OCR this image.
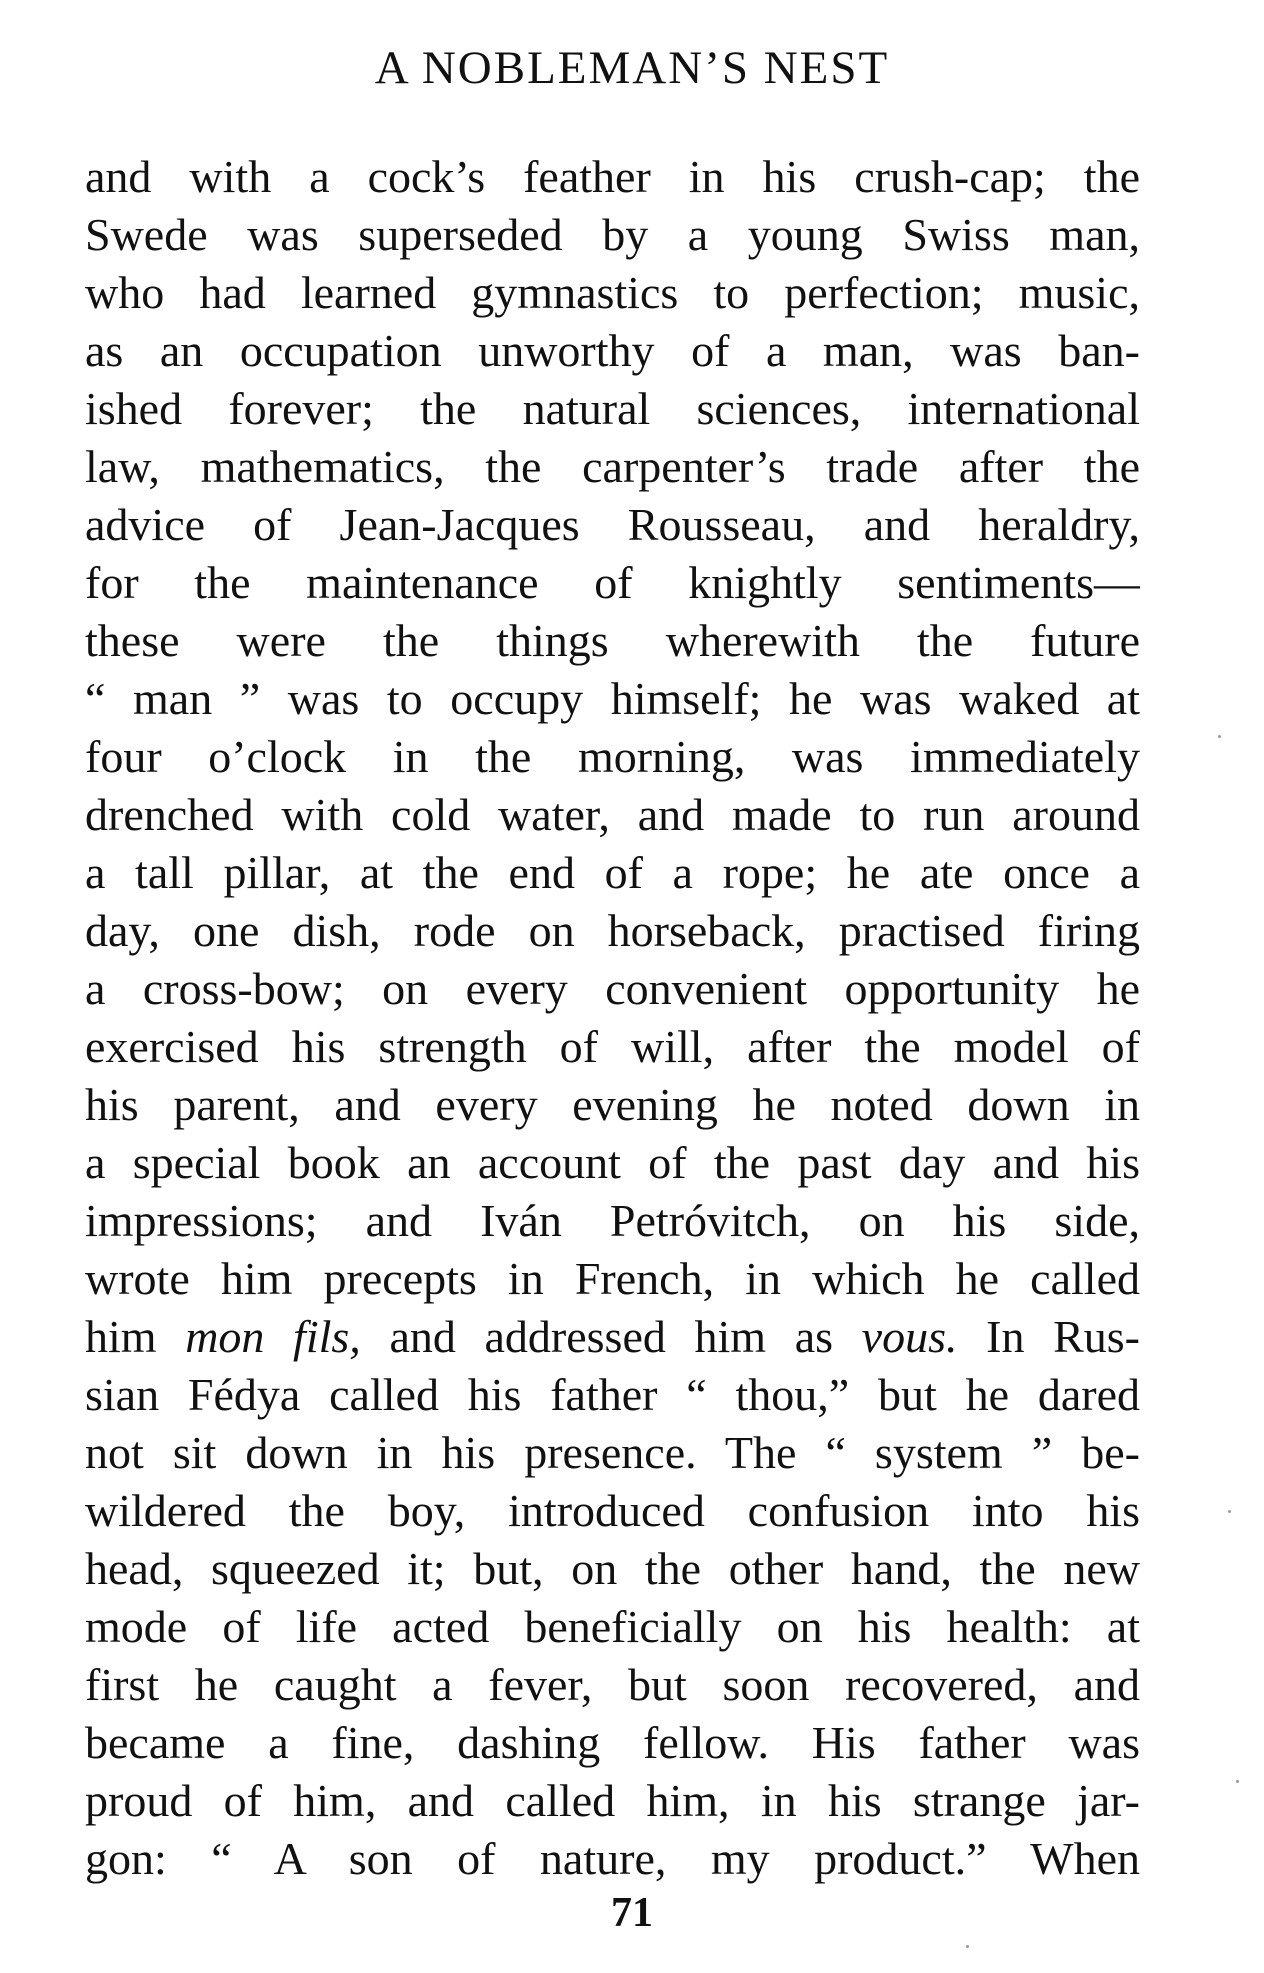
A NOBLEMAN’S NEST
and with a cock’s feather in his crush-cap; the
Swede was superseded by a young Swiss man,
who had learned gymnastics to perfection; music,
as an occupation unworthy of a man, was ban-
ished forever; the natural sciences, international
law, mathematics, the carpenter’s trade after the
advice of Jean-Jacques Rousseau, and heraldry,
for the maintenance of knightly sentiments—
these were the things wherewith the future
“ man ” was to occupy himself; he was waked at
four o’clock in the morning, was immediately
drenched with cold water, and made to run around
a tall pillar, at the end of a rope; he ate once a
day, one dish, rode on horseback, practised firing
a cross-bow; on every convenient opportunity he
exercised his strength of will, after the model of
his parent, and every evening he noted down in
a special book an account of the past day and his
impressions; and Iván Petróvitch, on his side,
wrote him precepts in French, in which he called
him mon fils, and addressed him as vous. In Rus-
sian Fédya called his father “ thou,” but he dared
not sit down in his presence. The “ system ” be-
wildered the boy, introduced confusion into his
head, squeezed it; but, on the other hand, the new
mode of life acted beneficially on his health: at
first he caught a fever, but soon recovered, and
became a fine, dashing fellow. His father was
proud of him, and called him, in his strange jar-
gon: “ A son of nature, my product.” When
71
